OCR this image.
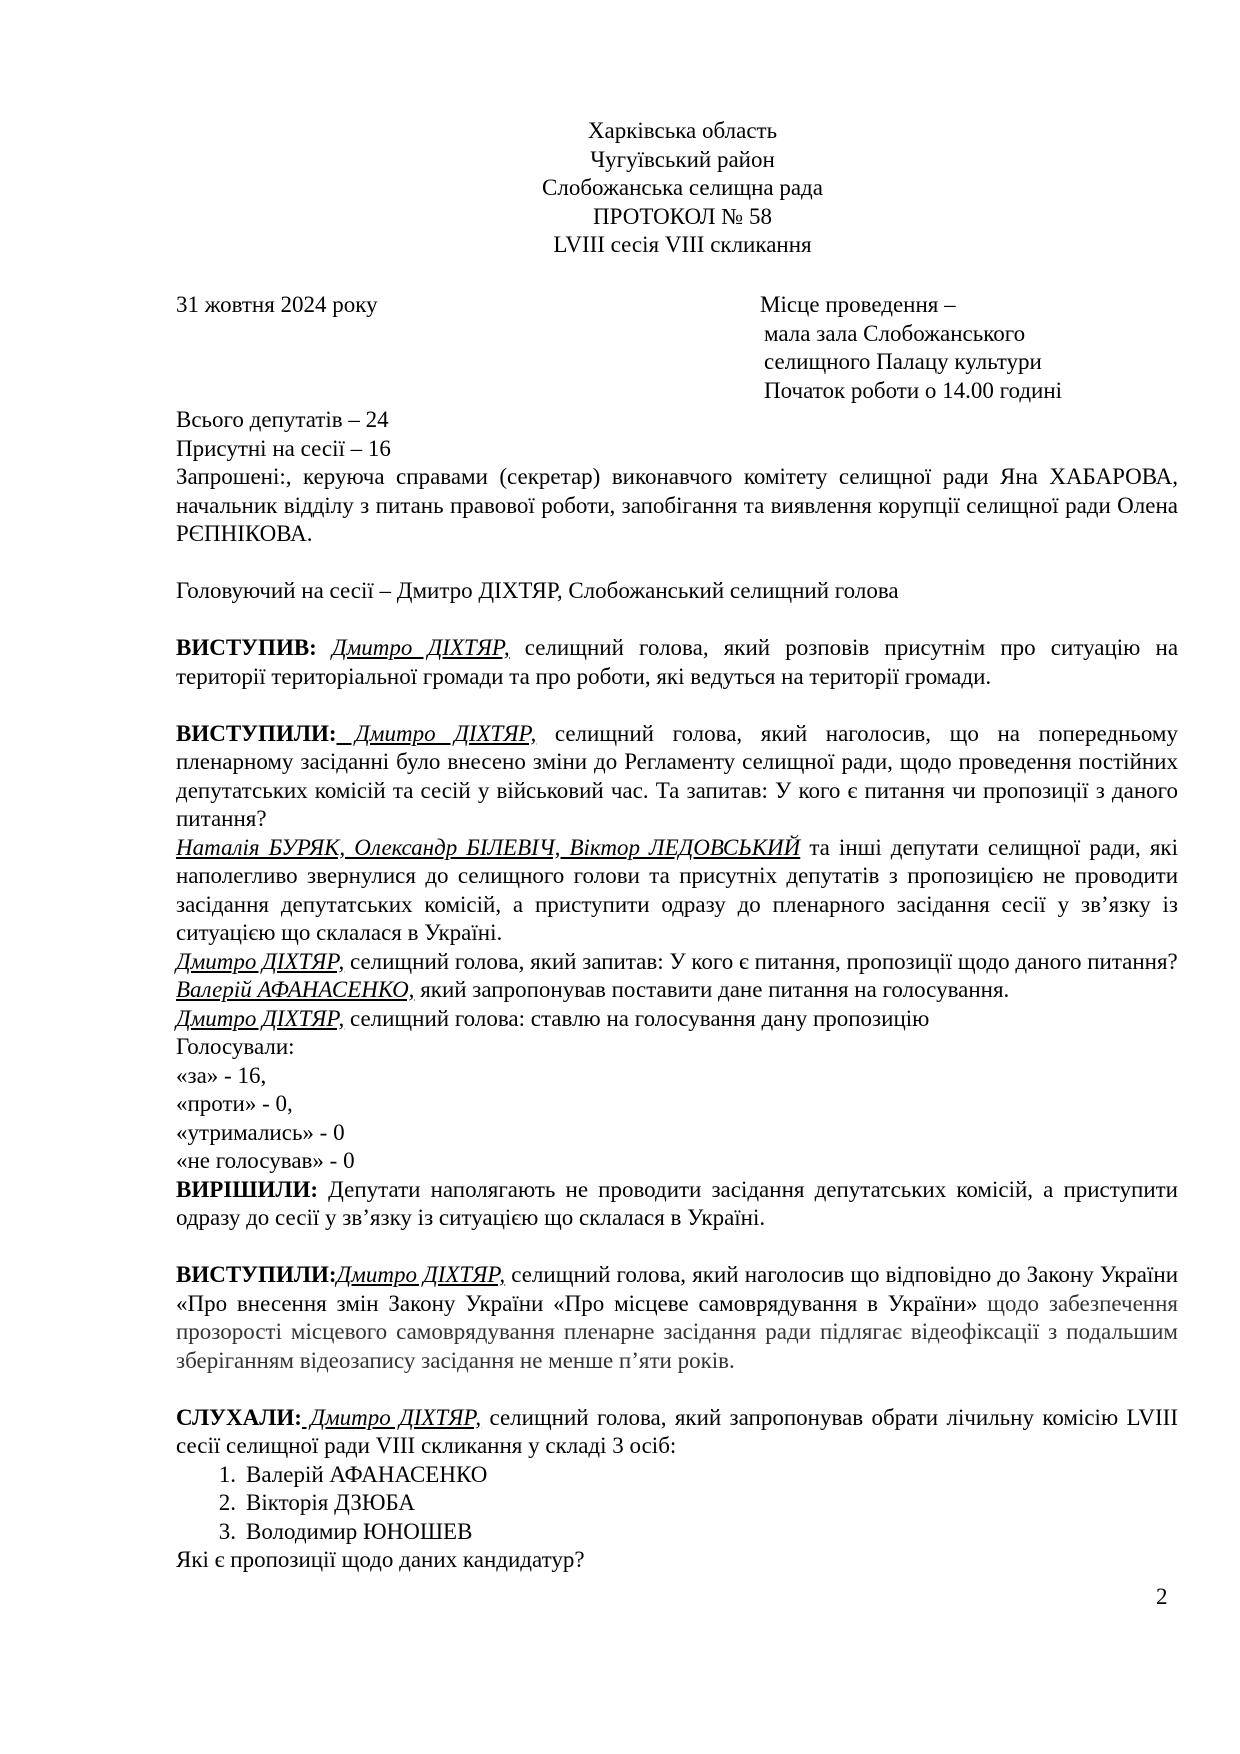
Харківська область
Чугуївський район
Слобожанська селищна рада
ПРОТОКОЛ № 58
LVIII сесія VIII скликання
31 жовтня 2024 року	Місце проведення –
мала зала Слобожанського
селищного Палацу культури
Початок роботи о 14.00 годині
Всього депутатів – 24
Присутні на сесії – 16
Запрошені:, керуюча справами (секретар) виконавчого комітету селищної ради Яна ХАБАРОВА, начальник відділу з питань правової роботи, запобігання та виявлення корупції селищної ради Олена РЄПНІКОВА.
Головуючий на сесії – Дмитро ДІХТЯР, Слобожанський селищний голова
ВИСТУПИВ: Дмитро ДІХТЯР, селищний голова, який розповів присутнім про ситуацію на території територіальної громади та про роботи, які ведуться на території громади.
ВИСТУПИЛИ: Дмитро ДІХТЯР, селищний голова, який наголосив, що на попередньому пленарному засіданні було внесено зміни до Регламенту селищної ради, щодо проведення постійних депутатських комісій та сесій у військовий час. Та запитав: У кого є питання чи пропозиції з даного питання?
Наталія БУРЯК, Олександр БІЛЕВІЧ, Віктор ЛЕДОВСЬКИЙ та інші депутати селищної ради, які наполегливо звернулися до селищного голови та присутніх депутатів з пропозицією не проводити засідання депутатських комісій, а приступити одразу до пленарного засідання сесії у зв’язку із ситуацією що склалася в Україні.
Дмитро ДІХТЯР, селищний голова, який запитав: У кого є питання, пропозиції щодо даного питання?
Валерій АФАНАСЕНКО, який запропонував поставити дане питання на голосування.
Дмитро ДІХТЯР, селищний голова: ставлю на голосування дану пропозицію
Голосували:
«за» - 16,
«проти» - 0,
«утримались» - 0
«не голосував» - 0
ВИРІШИЛИ: Депутати наполягають не проводити засідання депутатських комісій, а приступити одразу до сесії у зв’язку із ситуацією що склалася в Україні.
ВИСТУПИЛИ:Дмитро ДІХТЯР, селищний голова, який наголосив що відповідно до Закону України «Про внесення змін Закону України «Про місцеве самоврядування в України» щодо забезпечення прозорості місцевого самоврядування пленарне засідання ради підлягає відеофіксації з подальшим зберіганням відеозапису засідання не менше п’яти років.
СЛУХАЛИ: Дмитро ДІХТЯР, селищний голова, який запропонував обрати лічильну комісію LVIII сесії селищної ради VIII скликання у складі 3 осіб:
1. Валерій АФАНАСЕНКО
2. Вікторія ДЗЮБА
3. Володимир ЮНОШЕВ
Які є пропозиції щодо даних кандидатур?
2
